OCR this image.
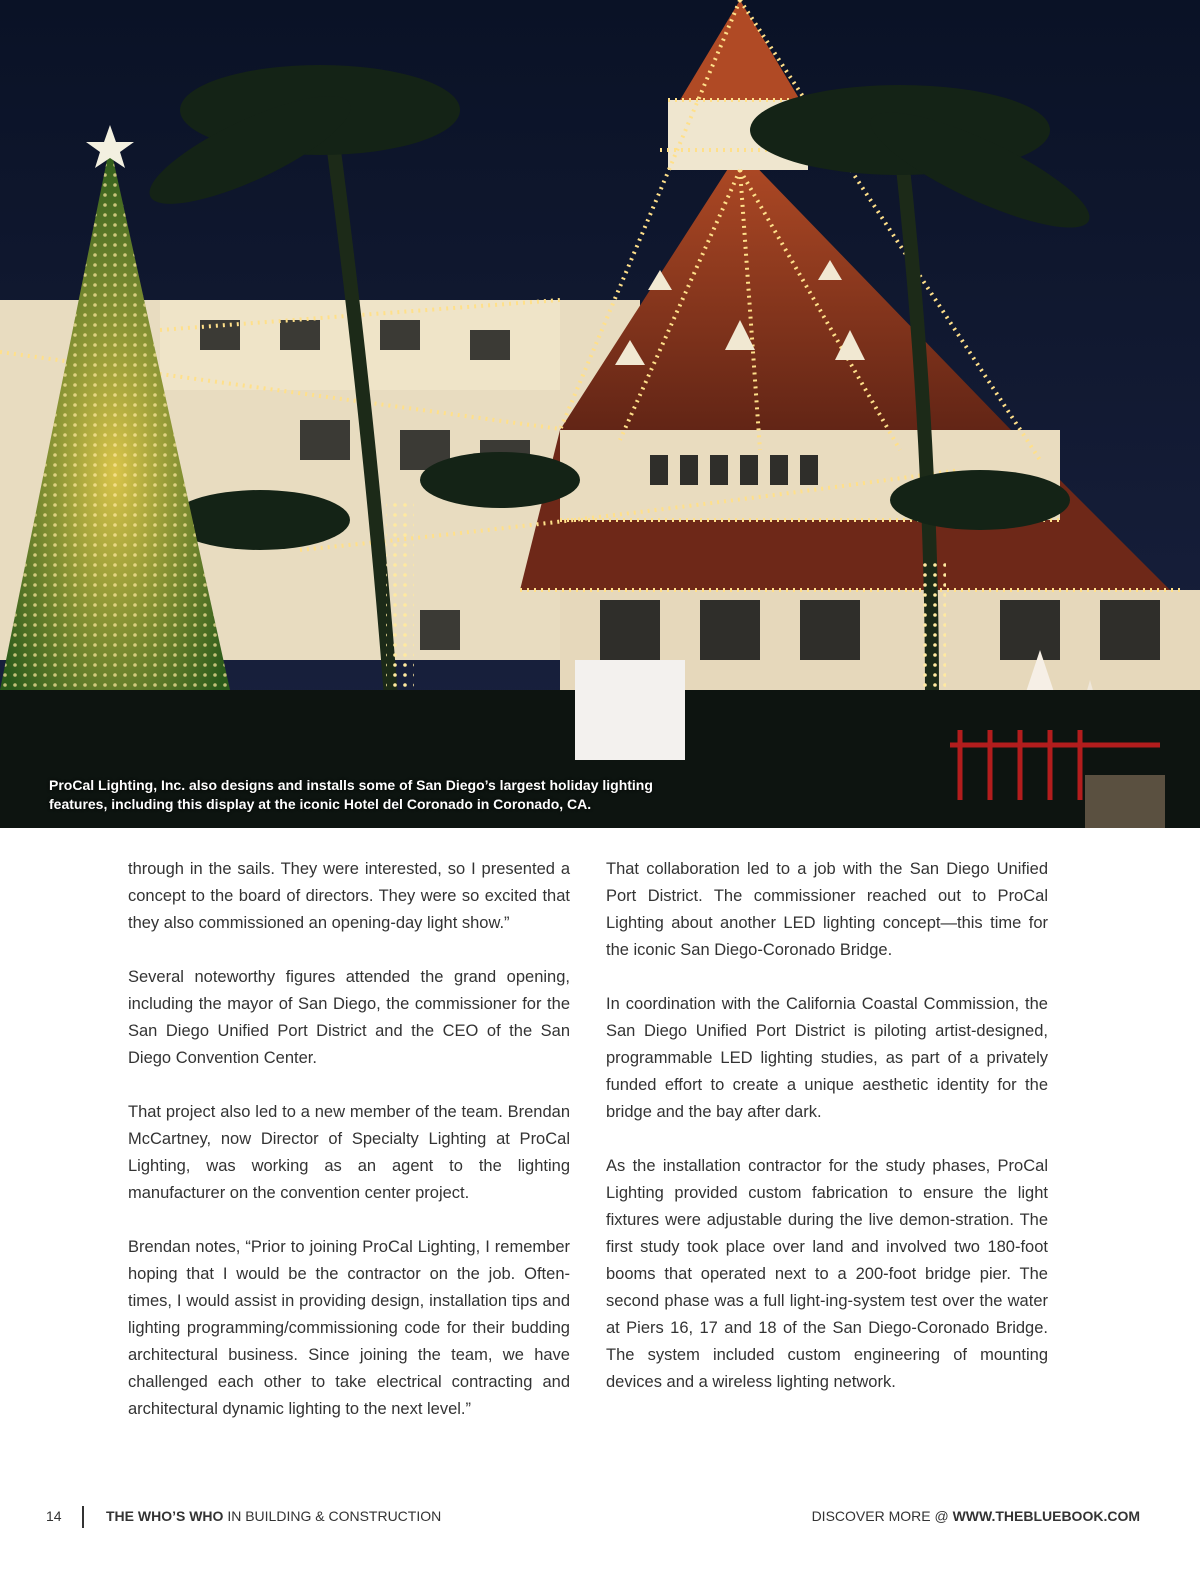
ProCal Lighting, Inc. also designs and installs some of San Diego’s largest holiday lighting
features, including this display at the iconic Hotel del Coronado in Coronado, CA.

through in the sails. They were interested, so I presented a concept to the board of directors. They were so excited that they also commissioned an opening-day light show.”

Several noteworthy figures attended the grand opening, including the mayor of San Diego, the commissioner for the San Diego Unified Port District and the CEO of the San Diego Convention Center.

That project also led to a new member of the team. Brendan McCartney, now Director of Specialty Lighting at ProCal Lighting, was working as an agent to the lighting manufacturer on the convention center project.

Brendan notes, “Prior to joining ProCal Lighting, I remember hoping that I would be the contractor on the job. Often-times, I would assist in providing design, installation tips and lighting programming/commissioning code for their budding architectural business. Since joining the team, we have challenged each other to take electrical contracting and architectural dynamic lighting to the next level.”

That collaboration led to a job with the San Diego Unified Port District. The commissioner reached out to ProCal Lighting about another LED lighting concept—this time for the iconic San Diego-Coronado Bridge.

In coordination with the California Coastal Commission, the San Diego Unified Port District is piloting artist-designed, programmable LED lighting studies, as part of a privately funded effort to create a unique aesthetic identity for the bridge and the bay after dark.

As the installation contractor for the study phases, ProCal Lighting provided custom fabrication to ensure the light fixtures were adjustable during the live demon-stration. The first study took place over land and involved two 180-foot booms that operated next to a 200-foot bridge pier. The second phase was a full light-ing-system test over the water at Piers 16, 17 and 18 of the San Diego-Coronado Bridge. The system included custom engineering of mounting devices and a wireless lighting network.

14	THE WHO’S WHO IN BUILDING & CONSTRUCTION	DISCOVER MORE @ WWW.THEBLUEBOOK.COM
